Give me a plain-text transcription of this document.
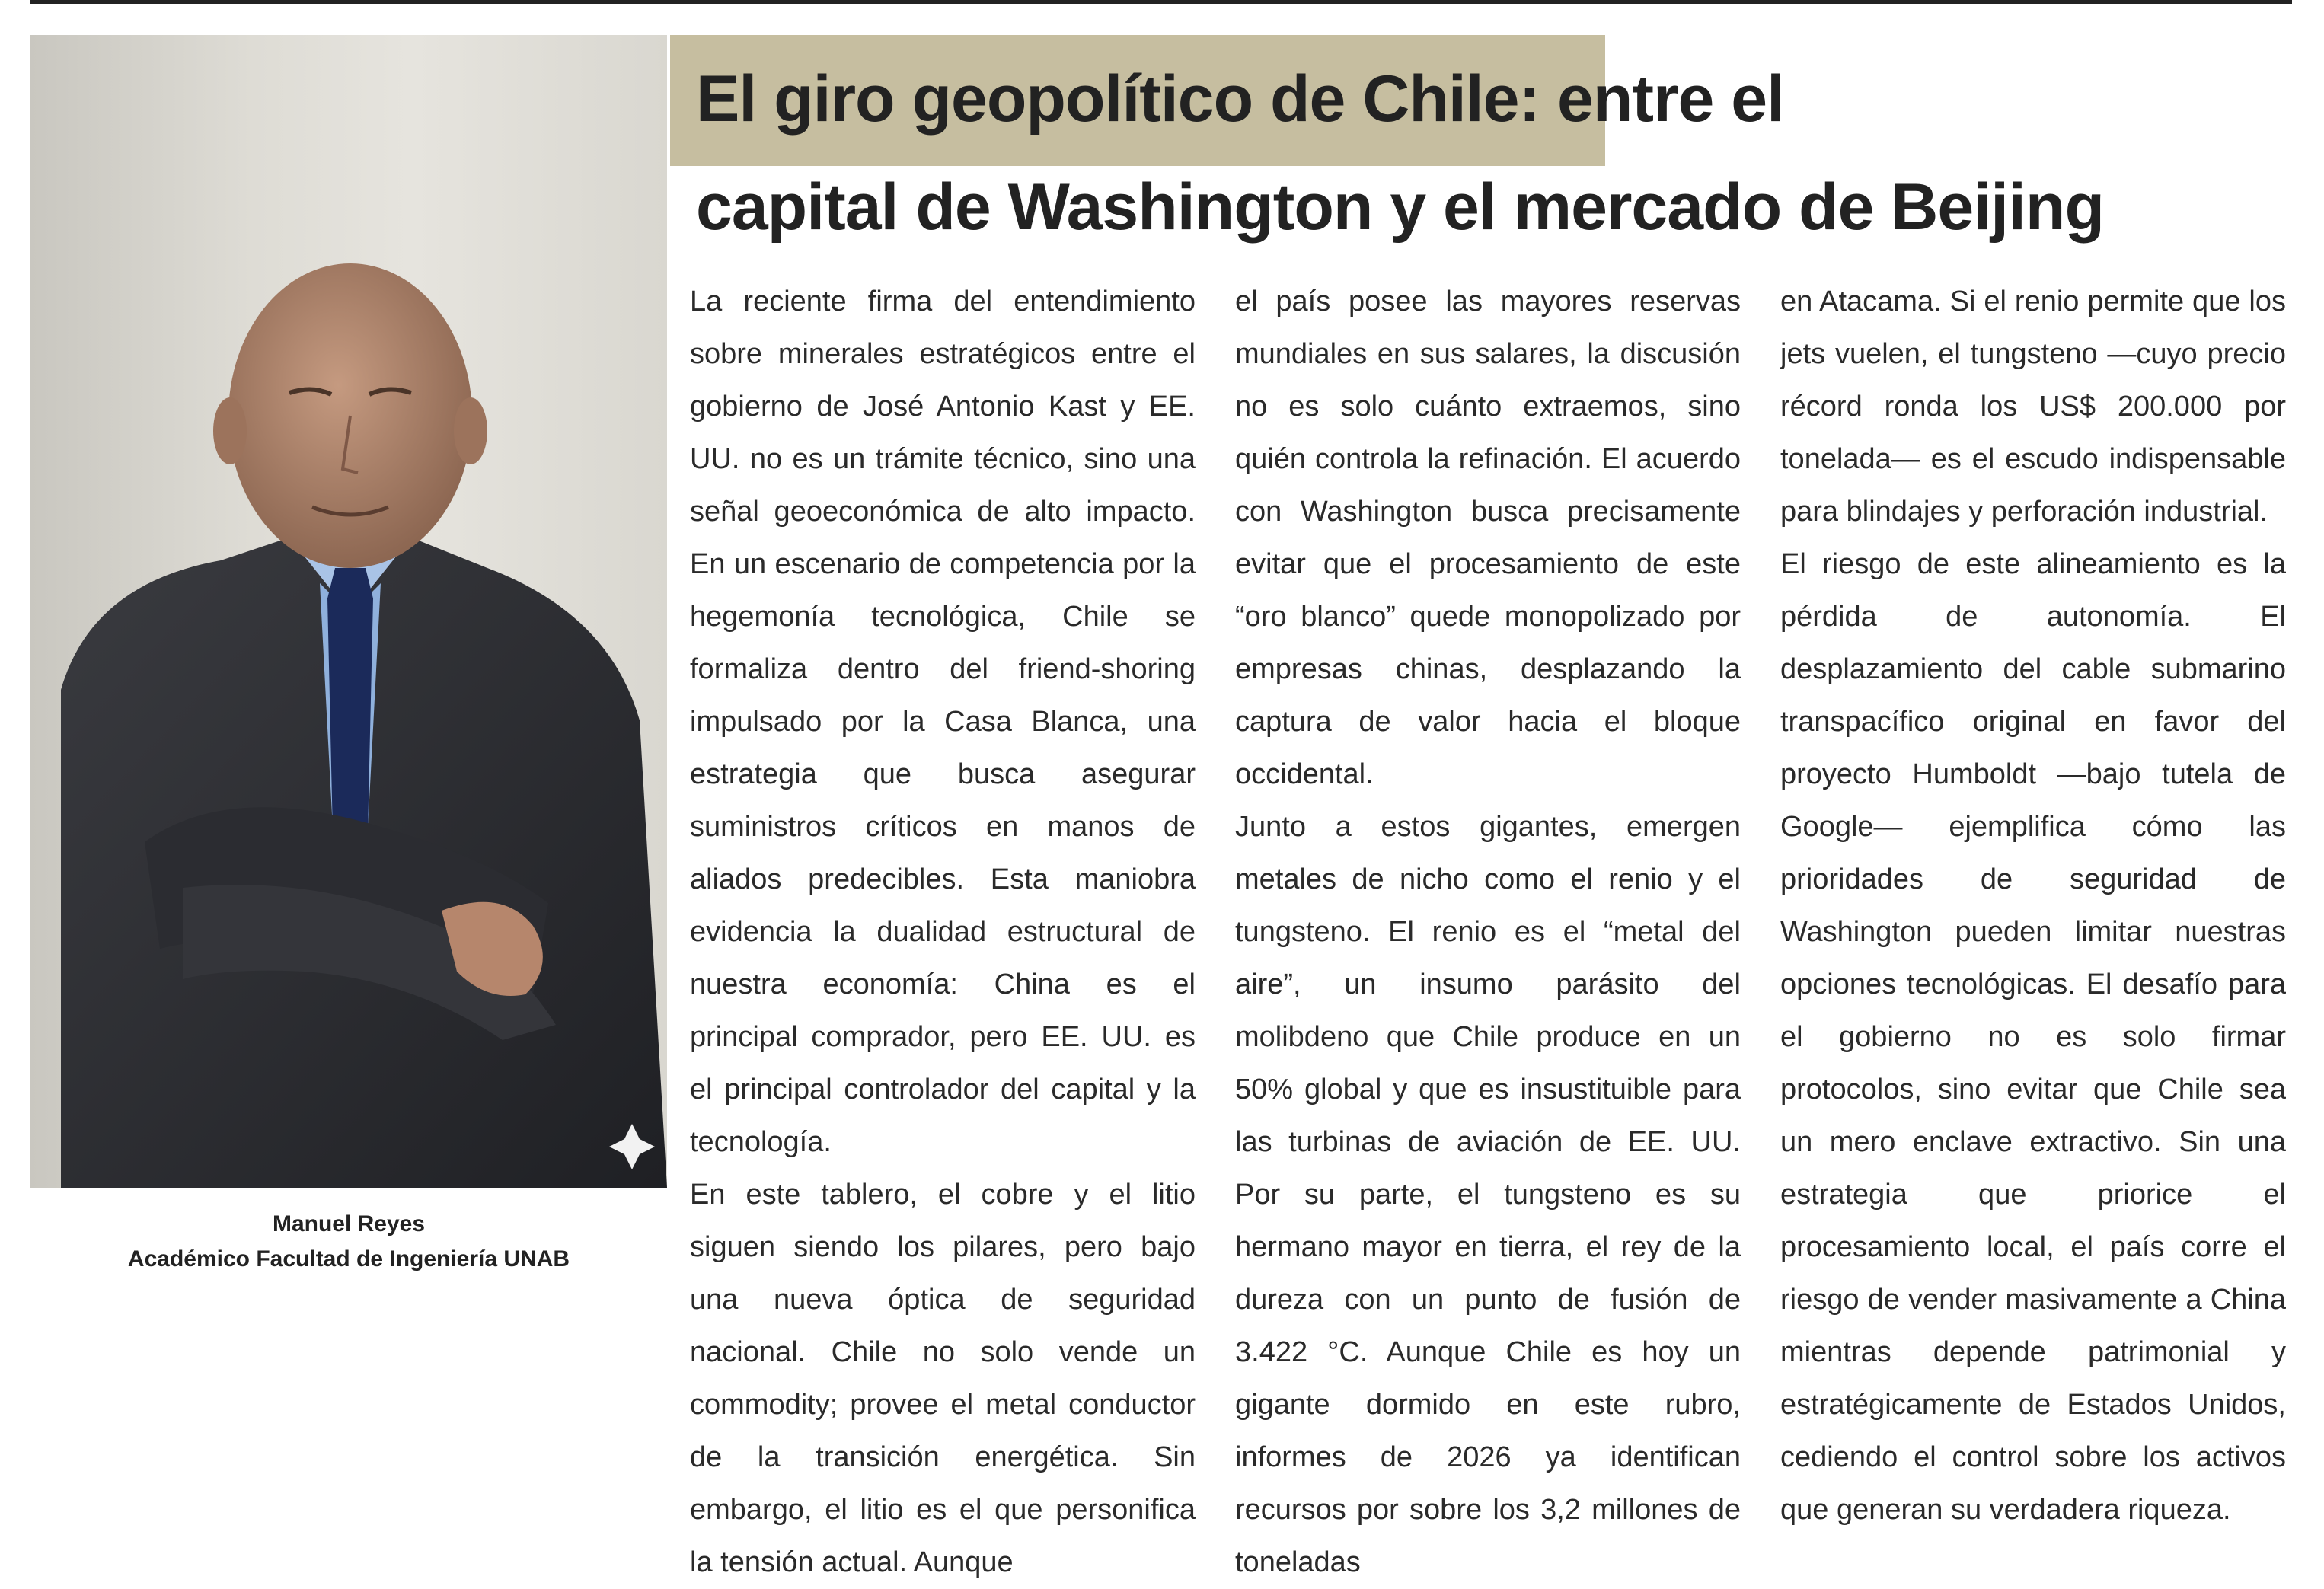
Manuel Reyes
Académico Facultad de Ingeniería UNAB
El giro geopolítico de Chile: entre el
capital de Washington y el mercado de Beijing

La reciente firma del entendimiento sobre minerales estratégicos entre el gobierno de José Antonio Kast y EE. UU. no es un trámite técnico, sino una señal geoeconómica de alto impacto. En un escenario de competencia por la hegemonía tecnológica, Chile se formaliza dentro del friend-shoring impulsado por la Casa Blanca, una estrategia que busca asegurar suministros críticos en manos de aliados predecibles. Esta maniobra evidencia la dualidad estructural de nuestra economía: China es el principal comprador, pero EE. UU. es el principal controlador del capital y la tecnología.

En este tablero, el cobre y el litio siguen siendo los pilares, pero bajo una nueva óptica de seguridad nacional. Chile no solo vende un commodity; provee el metal conductor de la transición energética. Sin embargo, el litio es el que personifica la tensión actual. Aunque

el país posee las mayores reservas mundiales en sus salares, la discusión no es solo cuánto extraemos, sino quién controla la refinación. El acuerdo con Washington busca precisamente evitar que el procesamiento de este “oro blanco” quede monopolizado por empresas chinas, desplazando la captura de valor hacia el bloque occidental.

Junto a estos gigantes, emergen metales de nicho como el renio y el tungsteno. El renio es el “metal del aire”, un insumo parásito del molibdeno que Chile produce en un 50% global y que es insustituible para las turbinas de aviación de EE. UU. Por su parte, el tungsteno es su hermano mayor en tierra, el rey de la dureza con un punto de fusión de 3.422 °C. Aunque Chile es hoy un gigante dormido en este rubro, informes de 2026 ya identifican recursos por sobre los 3,2 millones de toneladas

en Atacama. Si el renio permite que los jets vuelen, el tungsteno —cuyo precio récord ronda los US$ 200.000 por tonelada— es el escudo indispensable para blindajes y perforación industrial.

El riesgo de este alineamiento es la pérdida de autonomía. El desplazamiento del cable submarino transpacífico original en favor del proyecto Humboldt —bajo tutela de Google— ejemplifica cómo las prioridades de seguridad de Washington pueden limitar nuestras opciones tecnológicas. El desafío para el gobierno no es solo firmar protocolos, sino evitar que Chile sea un mero enclave extractivo. Sin una estrategia que priorice el procesamiento local, el país corre el riesgo de vender masivamente a China mientras depende patrimonial y estratégicamente de Estados Unidos, cediendo el control sobre los activos que generan su verdadera riqueza.
